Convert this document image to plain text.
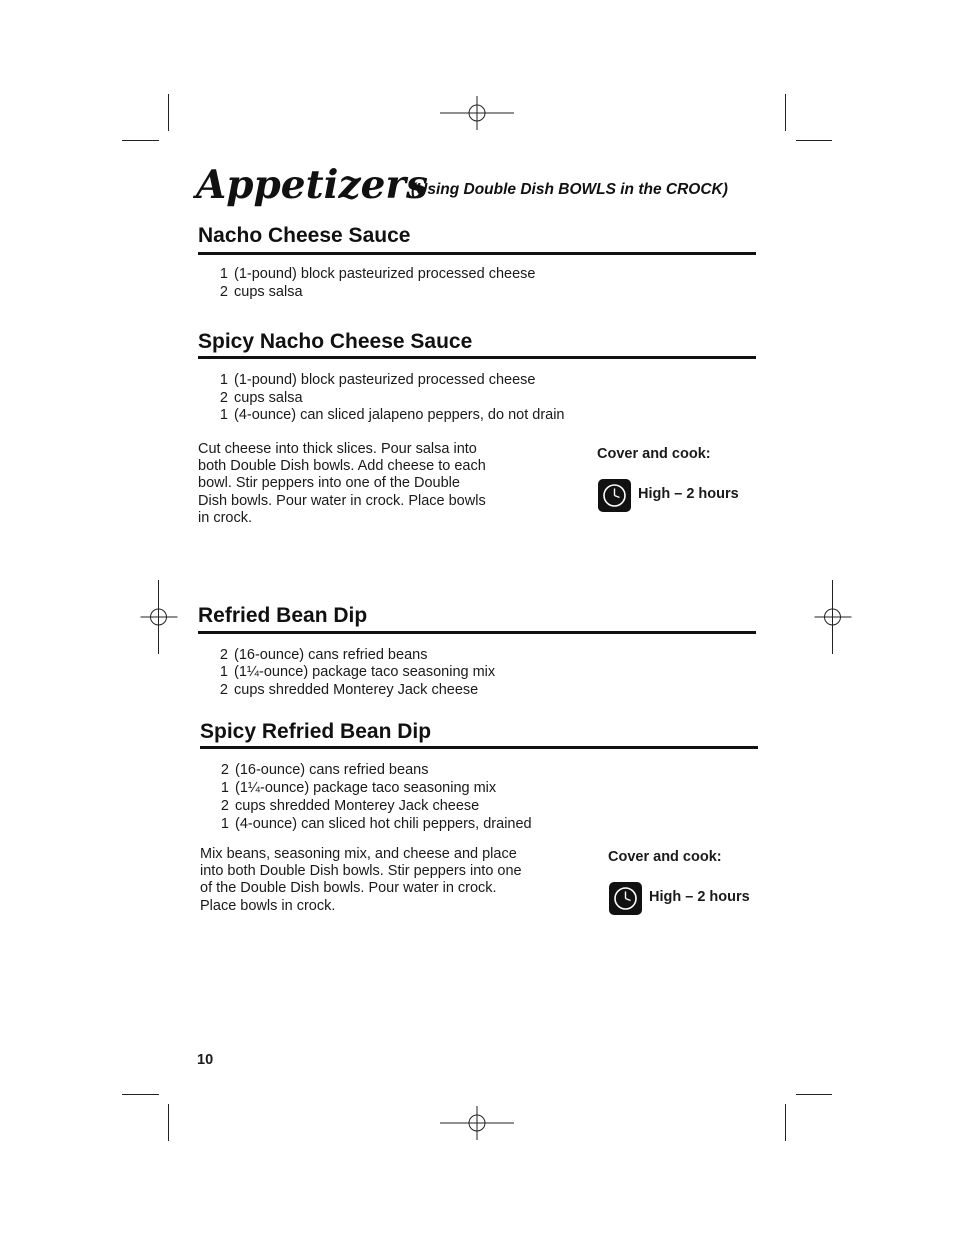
Appetizers
(Using Double Dish BOWLS in the CROCK)
Nacho Cheese Sauce
1 (1-pound) block pasteurized processed cheese
2 cups salsa
Spicy Nacho Cheese Sauce
1 (1-pound) block pasteurized processed cheese
2 cups salsa
1 (4-ounce) can sliced jalapeno peppers, do not drain
Cut cheese into thick slices. Pour salsa into
both Double Dish bowls. Add cheese to each
bowl. Stir peppers into one of the Double
Dish bowls. Pour water in crock. Place bowls
in crock.
Cover and cook:
High – 2 hours
Refried Bean Dip
2 (16-ounce) cans refried beans
1 (1¼-ounce) package taco seasoning mix
2 cups shredded Monterey Jack cheese
Spicy Refried Bean Dip
2 (16-ounce) cans refried beans
1 (1¼-ounce) package taco seasoning mix
2 cups shredded Monterey Jack cheese
1 (4-ounce) can sliced hot chili peppers, drained
Mix beans, seasoning mix, and cheese and place
into both Double Dish bowls. Stir peppers into one
of the Double Dish bowls. Pour water in crock.
Place bowls in crock.
Cover and cook:
High – 2 hours
10
